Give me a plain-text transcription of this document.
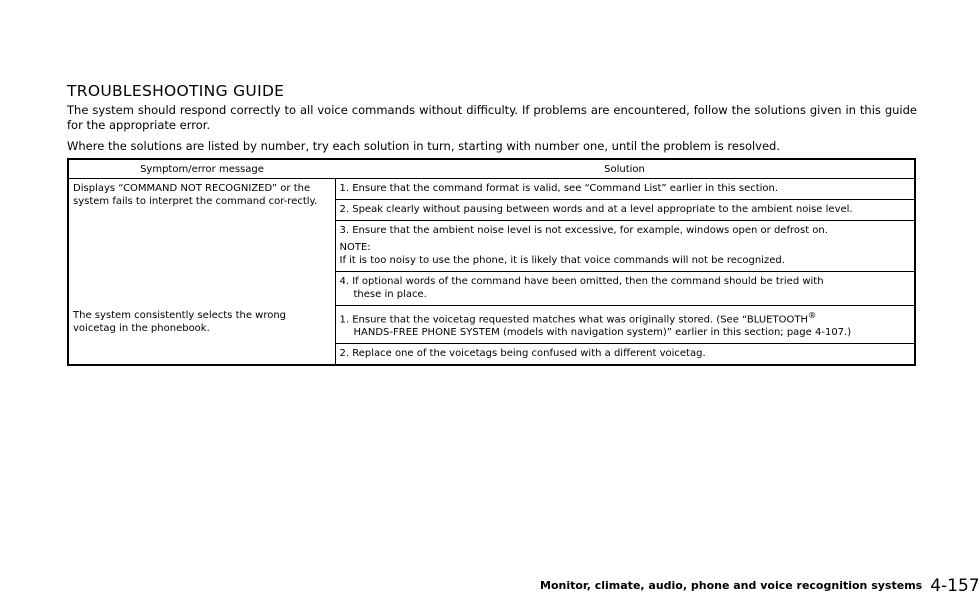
TROUBLESHOOTING GUIDE
The system should respond correctly to all voice commands without difficulty. If problems are encountered, follow the solutions given in this guide for the appropriate error.
Where the solutions are listed by number, try each solution in turn, starting with number one, until the problem is resolved.
Symptom/error message	Solution
Displays “COMMAND NOT RECOGNIZED” or the system fails to interpret the command cor-rectly.	1. Ensure that the command format is valid, see “Command List” earlier in this section.
	2. Speak clearly without pausing between words and at a level appropriate to the ambient noise level.
	3. Ensure that the ambient noise level is not excessive, for example, windows open or defrost on.
NOTE:
If it is too noisy to use the phone, it is likely that voice commands will not be recognized.
	4. If optional words of the command have been omitted, then the command should be tried with
these in place.

The system consistently selects the wrong voicetag in the phonebook.	1. Ensure that the voicetag requested matches what was originally stored. (See “BLUETOOTH®
HANDS-FREE PHONE SYSTEM (models with navigation system)” earlier in this section; page 4-107.)

	2. Replace one of the voicetags being confused with a different voicetag.
Monitor, climate, audio, phone and voice recognition systems 4-157
